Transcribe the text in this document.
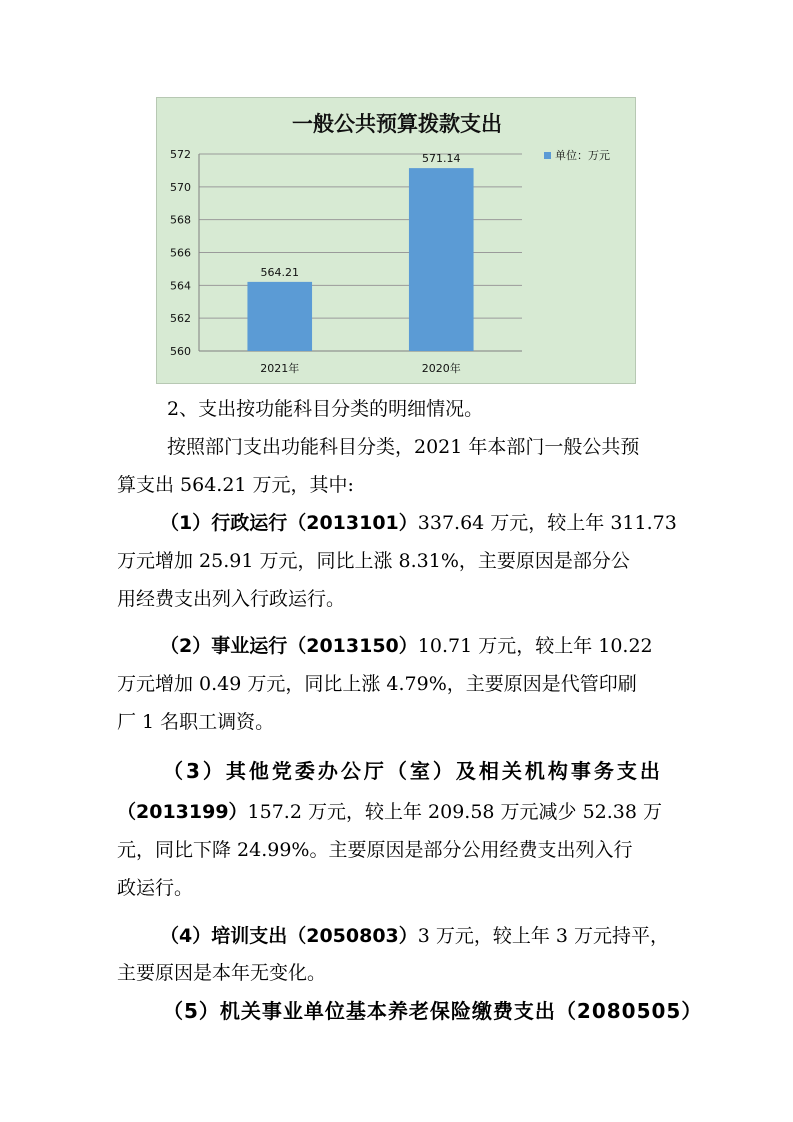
一般公共预算拨款支出
560
562
564
566
568
570
572
564.21
2021年
571.14
2020年
单位：万元
2、支出按功能科目分类的明细情况。
按照部门支出功能科目分类，2021 年本部门一般公共预
算支出 564.21 万元，其中:
（1）行政运行（2013101）337.64 万元，较上年 311.73
万元增加 25.91 万元，同比上涨 8.31%，主要原因是部分公
用经费支出列入行政运行。
（2）事业运行（2013150）10.71 万元，较上年 10.22
万元增加 0.49 万元，同比上涨 4.79%，主要原因是代管印刷
厂 1 名职工调资。
（3）其他党委办公厅（室）及相关机构事务支出
（2013199）157.2 万元，较上年 209.58 万元减少 52.38 万
元，同比下降 24.99%。主要原因是部分公用经费支出列入行
政运行。
（4）培训支出（2050803）3 万元，较上年 3 万元持平，
主要原因是本年无变化。
（5）机关事业单位基本养老保险缴费支出（2080505）
